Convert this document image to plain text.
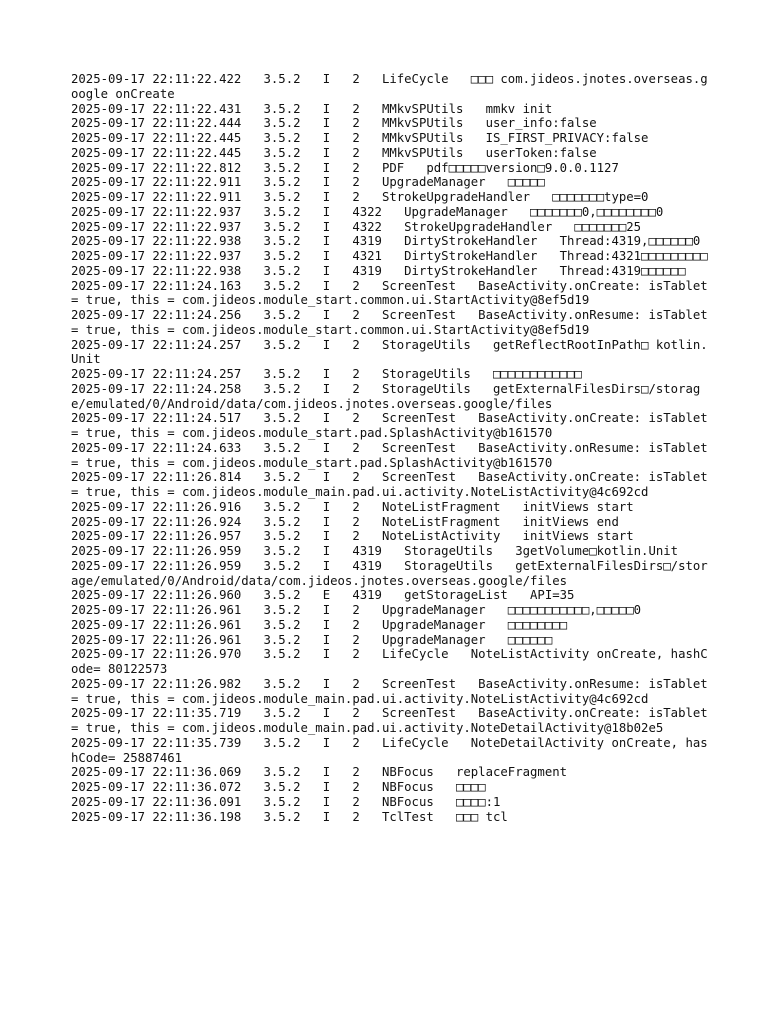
2025-09-17 22:11:22.422   3.5.2   I   2   LifeCycle   □□□ com.jideos.jnotes.overseas.google onCreate
2025-09-17 22:11:22.431   3.5.2   I   2   MMkvSPUtils   mmkv init
2025-09-17 22:11:22.444   3.5.2   I   2   MMkvSPUtils   user_info:false
2025-09-17 22:11:22.445   3.5.2   I   2   MMkvSPUtils   IS_FIRST_PRIVACY:false
2025-09-17 22:11:22.445   3.5.2   I   2   MMkvSPUtils   userToken:false
2025-09-17 22:11:22.812   3.5.2   I   2   PDF   pdf□□□□□version□9.0.0.1127
2025-09-17 22:11:22.911   3.5.2   I   2   UpgradeManager   □□□□□
2025-09-17 22:11:22.911   3.5.2   I   2   StrokeUpgradeHandler   □□□□□□□type=0
2025-09-17 22:11:22.937   3.5.2   I   4322   UpgradeManager   □□□□□□□0,□□□□□□□□0
2025-09-17 22:11:22.937   3.5.2   I   4322   StrokeUpgradeHandler   □□□□□□□25
2025-09-17 22:11:22.938   3.5.2   I   4319   DirtyStrokeHandler   Thread:4319,□□□□□□0
2025-09-17 22:11:22.937   3.5.2   I   4321   DirtyStrokeHandler   Thread:4321□□□□□□□□□
2025-09-17 22:11:22.938   3.5.2   I   4319   DirtyStrokeHandler   Thread:4319□□□□□□
2025-09-17 22:11:24.163   3.5.2   I   2   ScreenTest   BaseActivity.onCreate: isTablet = true, this = com.jideos.module_start.common.ui.StartActivity@8ef5d19
2025-09-17 22:11:24.256   3.5.2   I   2   ScreenTest   BaseActivity.onResume: isTablet = true, this = com.jideos.module_start.common.ui.StartActivity@8ef5d19
2025-09-17 22:11:24.257   3.5.2   I   2   StorageUtils   getReflectRootInPath□ kotlin.Unit
2025-09-17 22:11:24.257   3.5.2   I   2   StorageUtils   □□□□□□□□□□□□
2025-09-17 22:11:24.258   3.5.2   I   2   StorageUtils   getExternalFilesDirs□/storage/emulated/0/Android/data/com.jideos.jnotes.overseas.google/files
2025-09-17 22:11:24.517   3.5.2   I   2   ScreenTest   BaseActivity.onCreate: isTablet = true, this = com.jideos.module_start.pad.SplashActivity@b161570
2025-09-17 22:11:24.633   3.5.2   I   2   ScreenTest   BaseActivity.onResume: isTablet = true, this = com.jideos.module_start.pad.SplashActivity@b161570
2025-09-17 22:11:26.814   3.5.2   I   2   ScreenTest   BaseActivity.onCreate: isTablet = true, this = com.jideos.module_main.pad.ui.activity.NoteListActivity@4c692cd
2025-09-17 22:11:26.916   3.5.2   I   2   NoteListFragment   initViews start
2025-09-17 22:11:26.924   3.5.2   I   2   NoteListFragment   initViews end
2025-09-17 22:11:26.957   3.5.2   I   2   NoteListActivity   initViews start
2025-09-17 22:11:26.959   3.5.2   I   4319   StorageUtils   3getVolume□kotlin.Unit
2025-09-17 22:11:26.959   3.5.2   I   4319   StorageUtils   getExternalFilesDirs□/storage/emulated/0/Android/data/com.jideos.jnotes.overseas.google/files
2025-09-17 22:11:26.960   3.5.2   E   4319   getStorageList   API=35
2025-09-17 22:11:26.961   3.5.2   I   2   UpgradeManager   □□□□□□□□□□□,□□□□□0
2025-09-17 22:11:26.961   3.5.2   I   2   UpgradeManager   □□□□□□□□
2025-09-17 22:11:26.961   3.5.2   I   2   UpgradeManager   □□□□□□
2025-09-17 22:11:26.970   3.5.2   I   2   LifeCycle   NoteListActivity onCreate, hashCode= 80122573
2025-09-17 22:11:26.982   3.5.2   I   2   ScreenTest   BaseActivity.onResume: isTablet = true, this = com.jideos.module_main.pad.ui.activity.NoteListActivity@4c692cd
2025-09-17 22:11:35.719   3.5.2   I   2   ScreenTest   BaseActivity.onCreate: isTablet = true, this = com.jideos.module_main.pad.ui.activity.NoteDetailActivity@18b02e5
2025-09-17 22:11:35.739   3.5.2   I   2   LifeCycle   NoteDetailActivity onCreate, hashCode= 25887461
2025-09-17 22:11:36.069   3.5.2   I   2   NBFocus   replaceFragment
2025-09-17 22:11:36.072   3.5.2   I   2   NBFocus   □□□□
2025-09-17 22:11:36.091   3.5.2   I   2   NBFocus   □□□□:1
2025-09-17 22:11:36.198   3.5.2   I   2   TclTest   □□□ tcl
